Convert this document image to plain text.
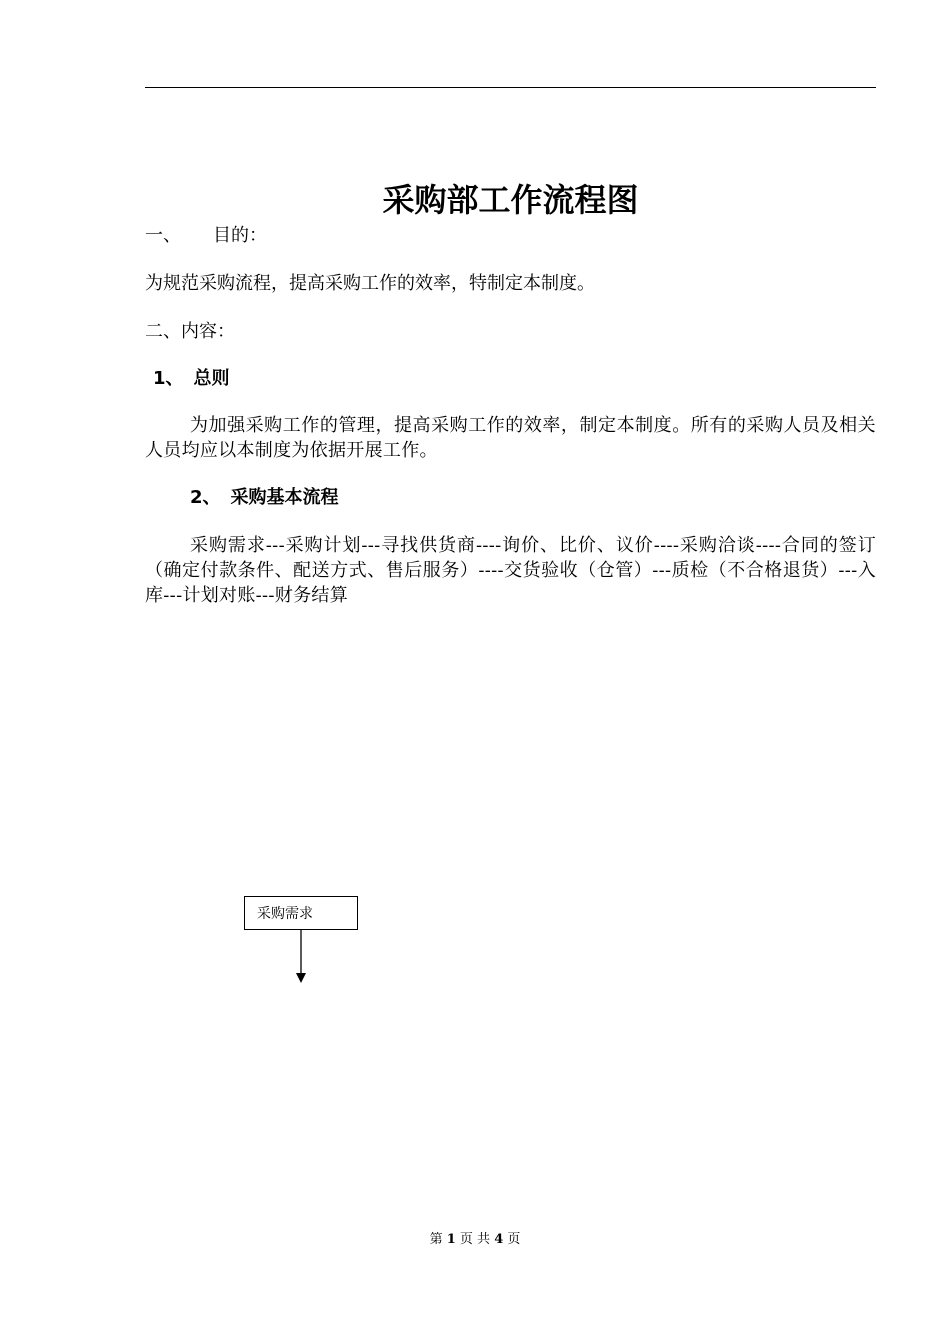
采购部工作流程图
一、 目的：
为规范采购流程，提高采购工作的效率，特制定本制度。
二、内容：
1、 总则
为加强采购工作的管理，提高采购工作的效率，制定本制度。所有的采购人员及相关人员均应以本制度为依据开展工作。
2、 采购基本流程
采购需求---采购计划---寻找供货商----询价、比价、议价----采购洽谈----合同的签订（确定付款条件、配送方式、售后服务）----交货验收（仓管）---质检（不合格退货）---入库---计划对账---财务结算
采购需求
第 1 页 共 4 页
